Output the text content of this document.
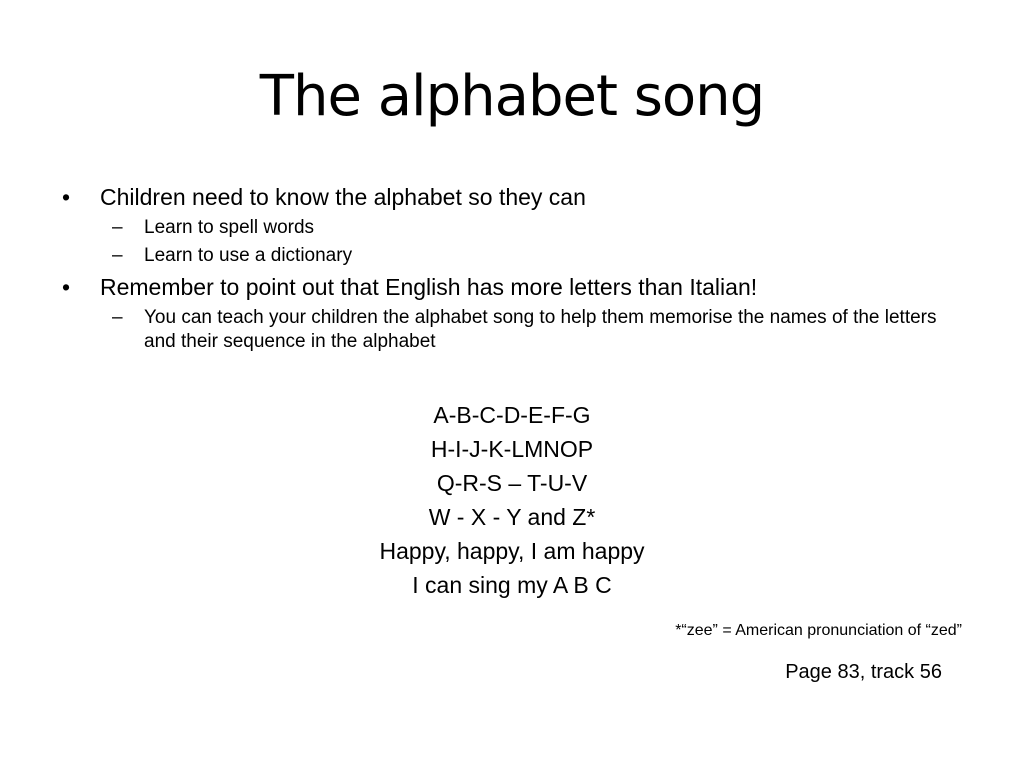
The alphabet song
•	Children need to know the alphabet so they can
–	Learn to spell words
–	Learn to use a dictionary
•	Remember to point out that English has more letters than Italian!
–	You can teach your children the alphabet song to help them memorise the names of the letters and their sequence in the alphabet
A-B-C-D-E-F-G
H-I-J-K-LMNOP
Q-R-S – T-U-V
W - X - Y and Z*
Happy, happy, I am happy
I can sing my A B C
*“zee” = American pronunciation of “zed”
Page 83, track 56
